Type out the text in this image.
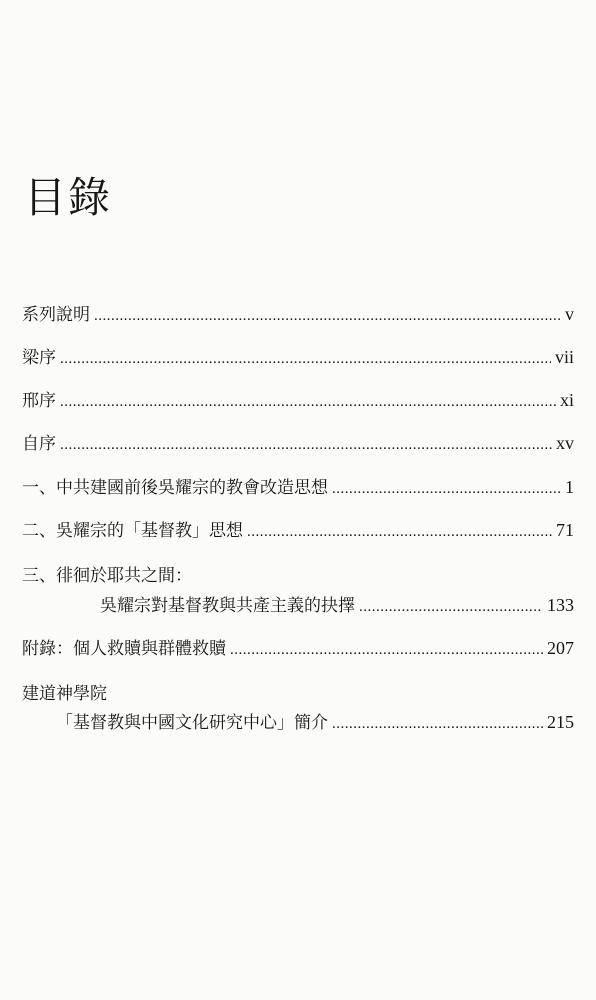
目錄
系列說明 .....	v
梁序 .....	vii
邢序 .....	xi
自序 .....	xv
一、中共建國前後吳耀宗的教會改造思想 .....	1
二、吳耀宗的「基督教」思想 .....	71
三、徘徊於耶共之間：
吳耀宗對基督教與共產主義的抉擇 .....	133
附錄：個人救贖與群體救贖 .....	207
建道神學院
「基督教與中國文化研究中心」簡介 .....	215
